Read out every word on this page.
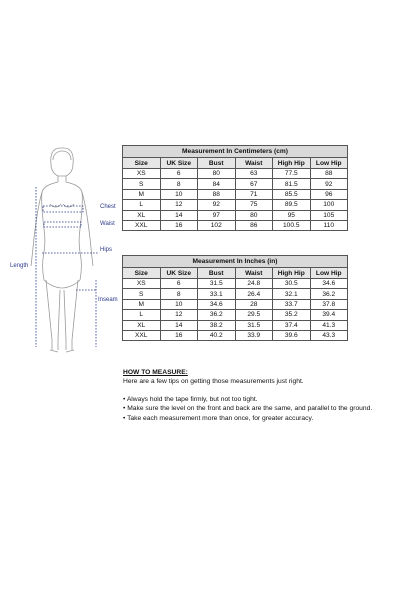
Chest
Waist
Hips
Length
Inseam
Measurement In Centimeters (cm)
Size	UK Size	Bust	Waist	High Hip	Low Hip
XS	6	80	63	77.5	88
S	8	84	67	81.5	92
M	10	88	71	85.5	96
L	12	92	75	89.5	100
XL	14	97	80	95	105
XXL	16	102	86	100.5	110
Measurement In Inches (in)
Size	UK Size	Bust	Waist	High Hip	Low Hip
XS	6	31.5	24.8	30.5	34.6
S	8	33.1	26.4	32.1	36.2
M	10	34.6	28	33.7	37.8
L	12	36.2	29.5	35.2	39.4
XL	14	38.2	31.5	37.4	41.3
XXL	16	40.2	33.9	39.6	43.3
HOW TO MEASURE:
Here are a few tips on getting those measurements just right.
• Always hold the tape firmly, but not too tight.
• Make sure the level on the front and back are the same, and parallel to the ground.
• Take each measurement more than once, for greater accuracy.
